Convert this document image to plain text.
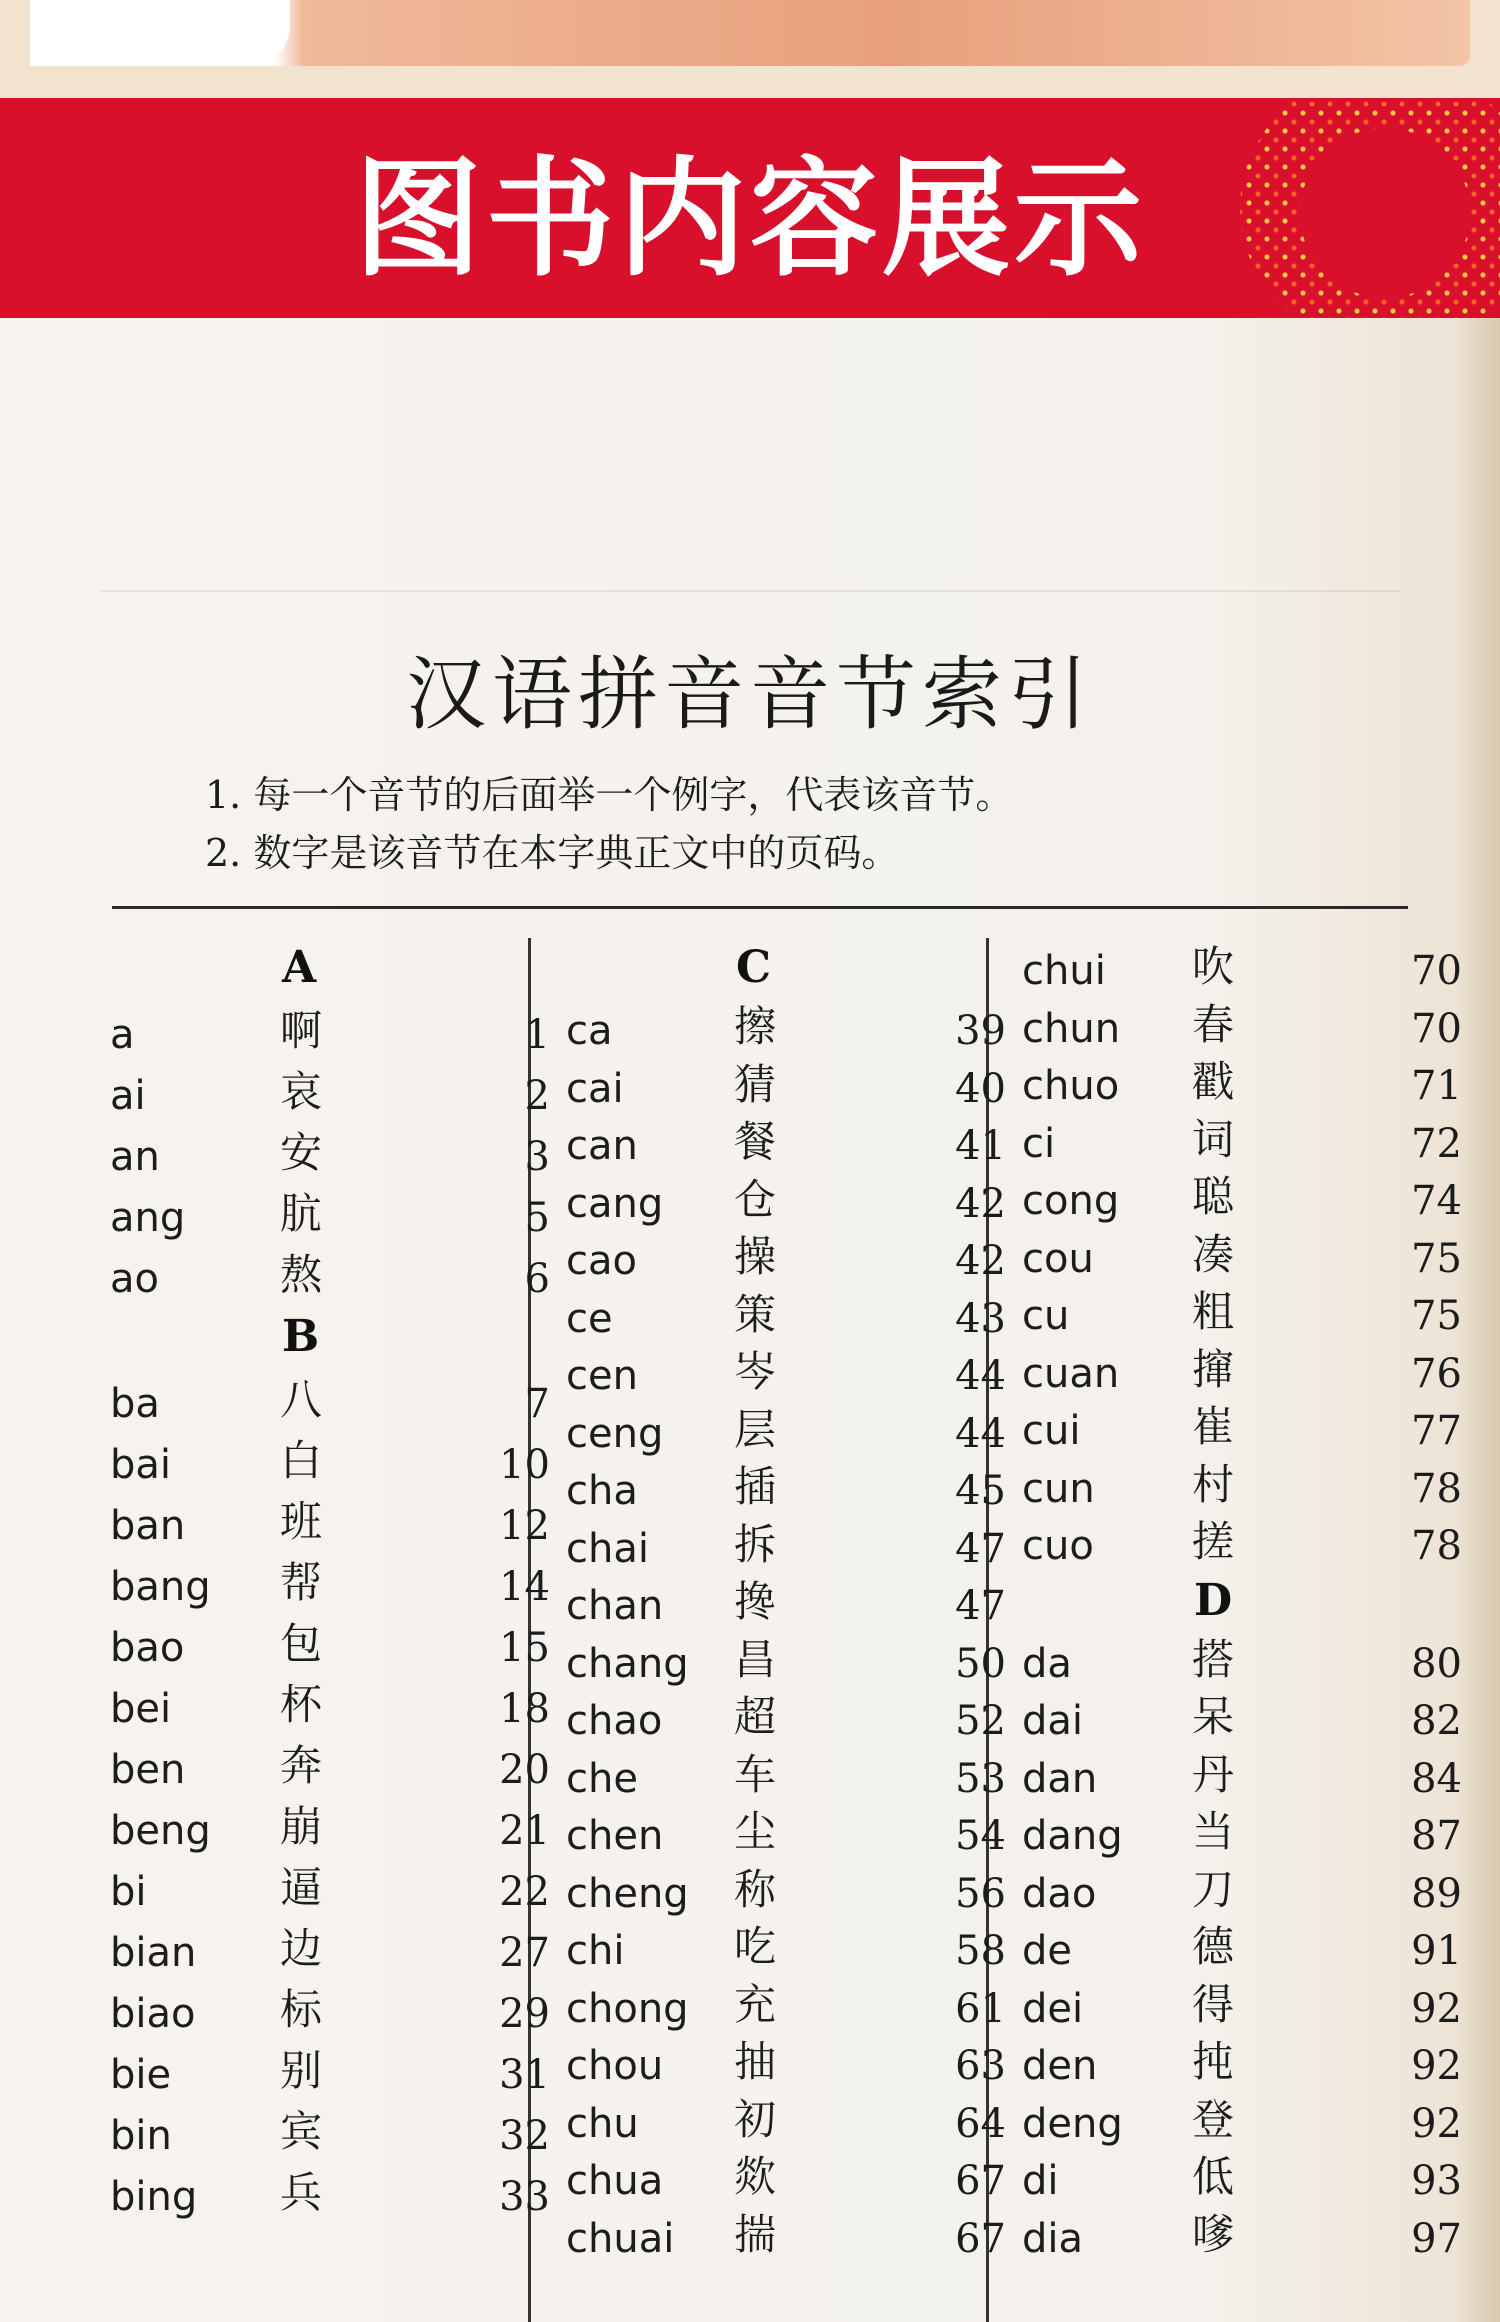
图书内容展示
汉语拼音音节索引
1. 每一个音节的后面举一个例字，代表该音节。
2. 数字是该音节在本字典正文中的页码。
A
a	啊	1
ai	哀	2
an	安	3
ang 肮	5
ao	熬	6
B
ba	八	7
bai	白	10
ban 班	12
bang 帮	14
bao 包	15
bei	杯	18
ben 奔	20
beng 崩	21
bi	逼	22
bian 边	27
biao 标	29
bie	别	31
bin	宾	32
bing 兵	33
C
ca	擦	39
cai	猜	40
can 餐	41
cang 仓	42
cao 操	42
ce	策	43
cen 岑	44
ceng 层	44
cha 插	45
chai 拆	47
chan 搀	47
chang 昌	50
chao 超	52
che 车	53
chen 尘	54
cheng 称	56
chi	吃	58
chong 充	61
chou 抽	63
chu 初	64
chua 欻	67
chuai 揣	67
chui 吹	70
chun 春	70
chuo 戳	71
ci	词	72
cong 聪	74
cou 凑	75
cu	粗	75
cuan 撺	76
cui	崔	77
cun 村	78
cuo 搓	78
D
da	搭	80
dai	呆	82
dan 丹	84
dang 当	87
dao 刀	89
de	德	91
dei	得	92
den 扽	92
deng 登	92
di	低	93
dia	嗲	97
